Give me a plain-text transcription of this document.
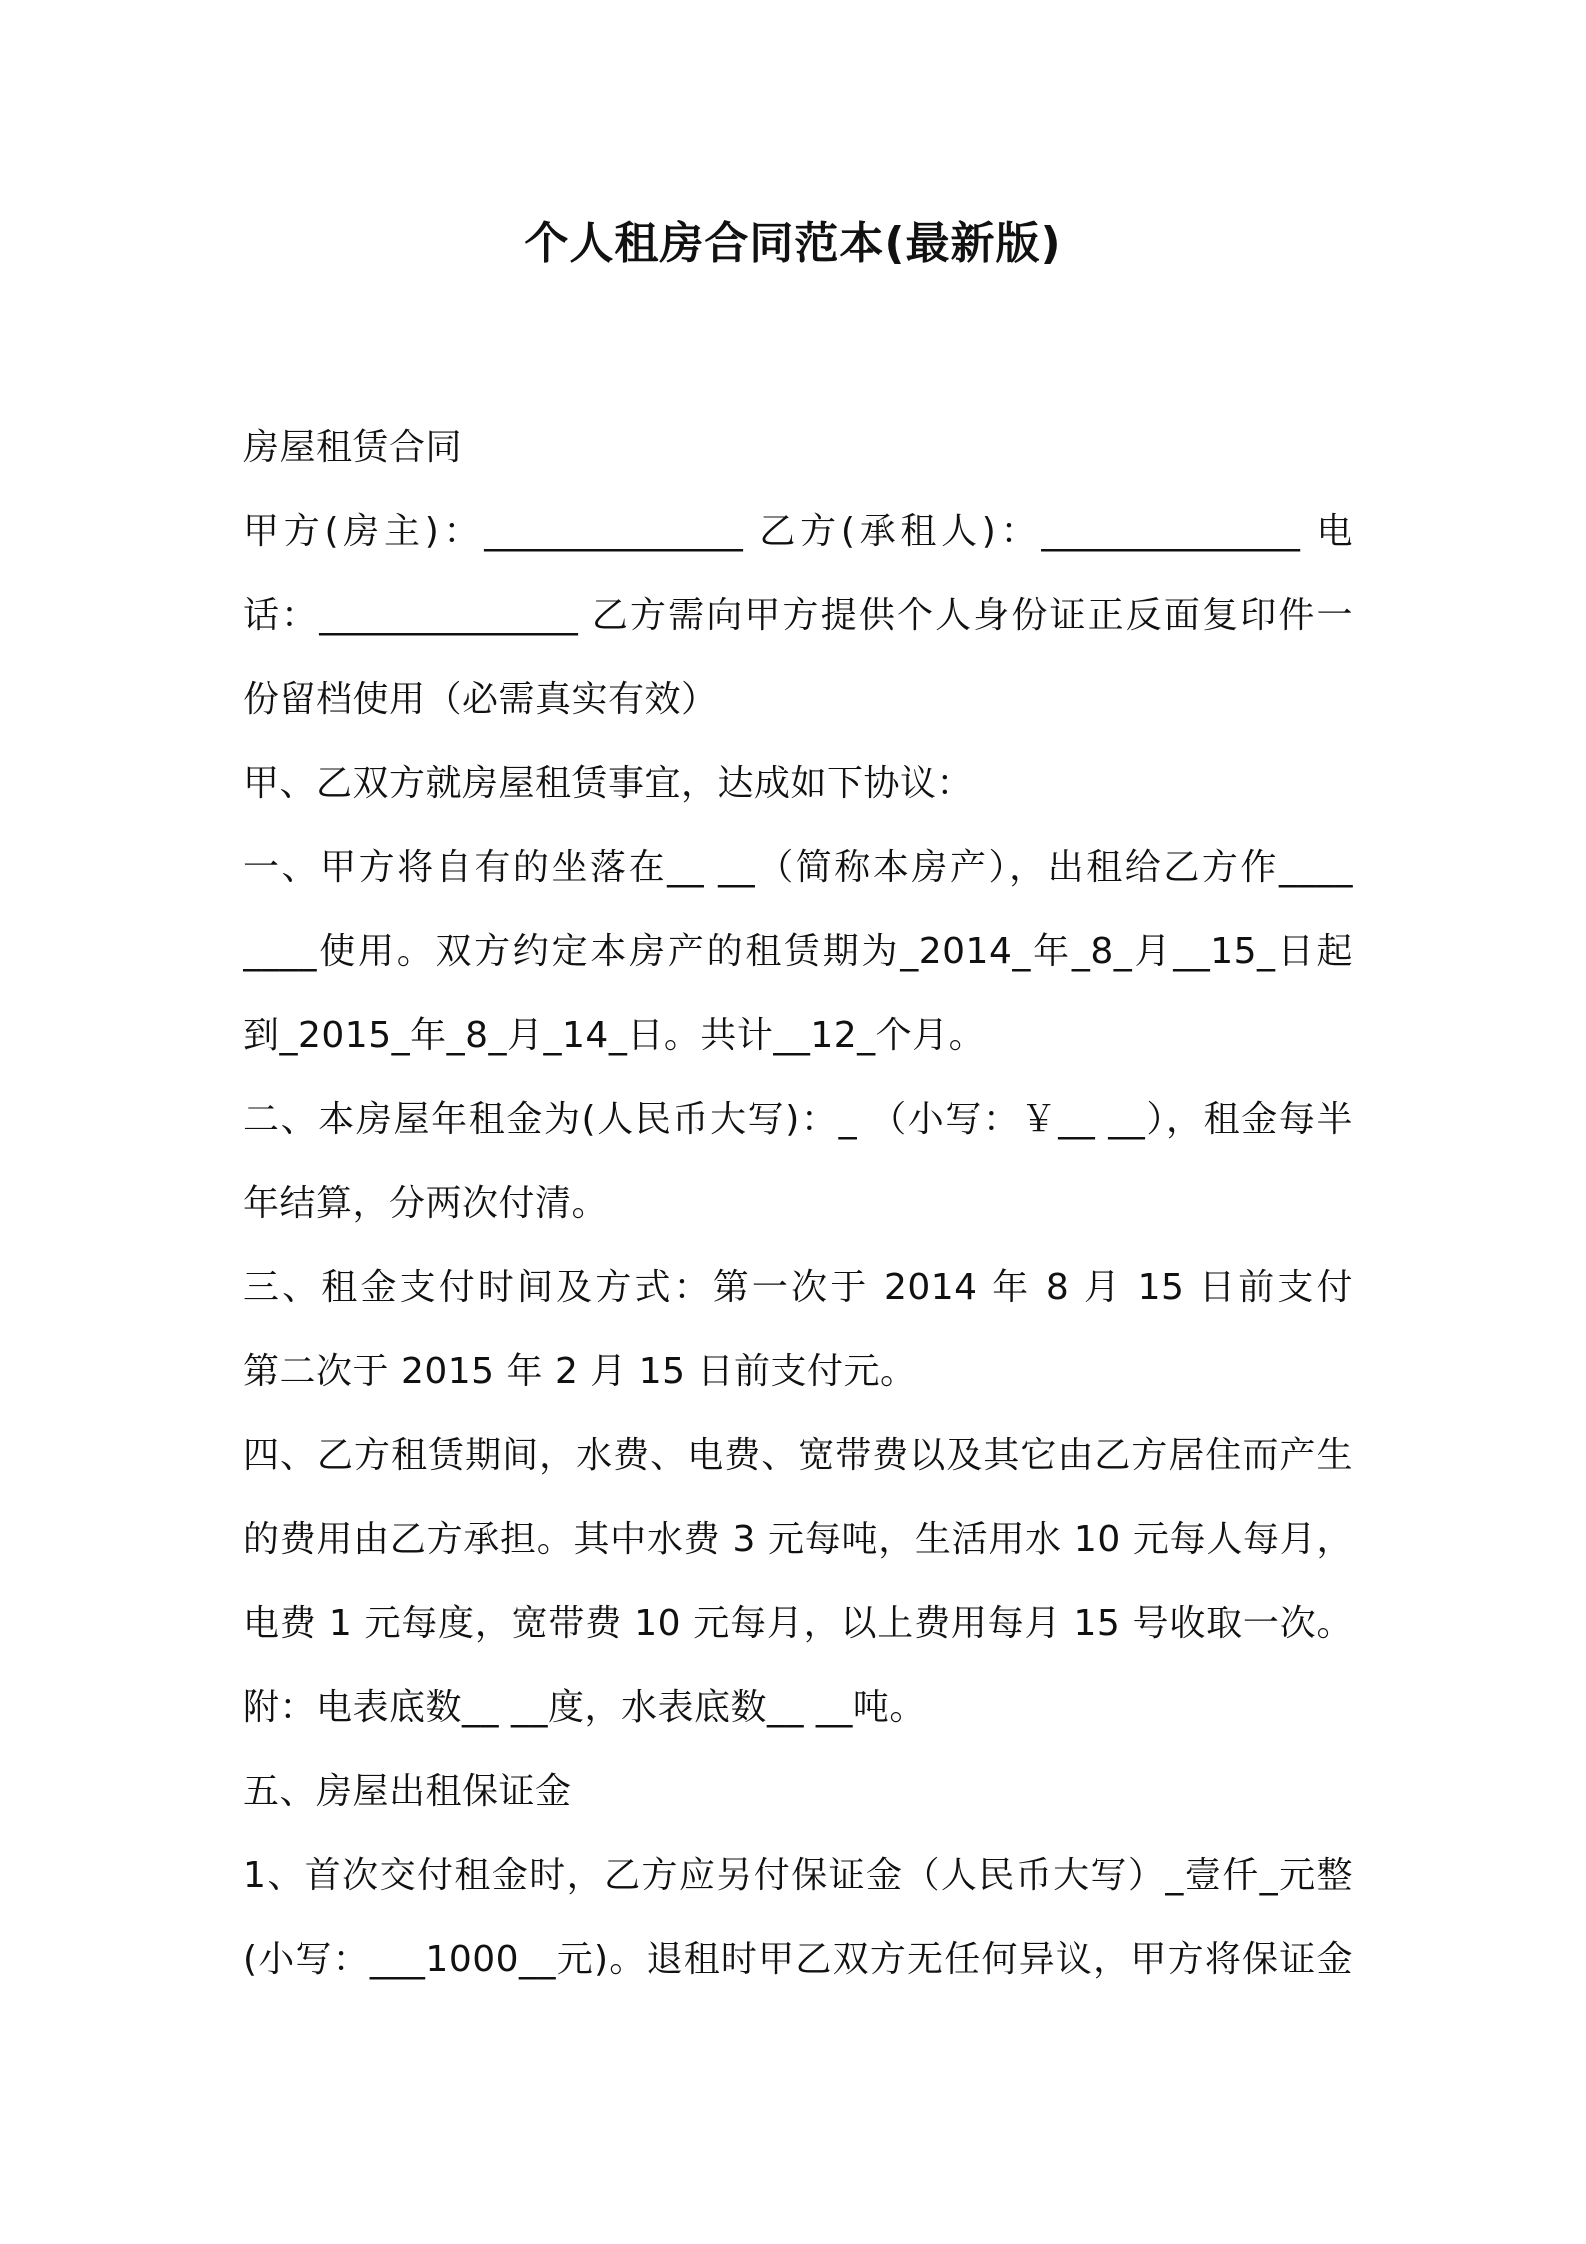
个人租房合同范本(最新版)
房屋租赁合同
甲方(房主)：______________ 乙方(承租人)：______________ 电
话：______________ 乙方需向甲方提供个人身份证正反面复印件一
份留档使用（必需真实有效）
甲、乙双方就房屋租赁事宜，达成如下协议：
一、甲方将自有的坐落在__ __（简称本房产），出租给乙方作____
____使用。双方约定本房产的租赁期为_2014_年_8_月__15_日起
到_2015_年_8_月_14_日。共计__12_个月。
二、本房屋年租金为(人民币大写)：_ （小写：￥__ __），租金每半
年结算，分两次付清。
三、租金支付时间及方式：第一次于 2014 年 8 月 15 日前支付
第二次于 2015 年 2 月 15 日前支付元。
四、乙方租赁期间，水费、电费、宽带费以及其它由乙方居住而产生
的费用由乙方承担。其中水费 3 元每吨，生活用水 10 元每人每月，
电费 1 元每度，宽带费 10 元每月，以上费用每月 15 号收取一次。
附：电表底数__ __度，水表底数__ __吨。
五、房屋出租保证金
1、首次交付租金时，乙方应另付保证金（人民币大写）_壹仟_元整
(小写：___1000__元)。退租时甲乙双方无任何异议，甲方将保证金
